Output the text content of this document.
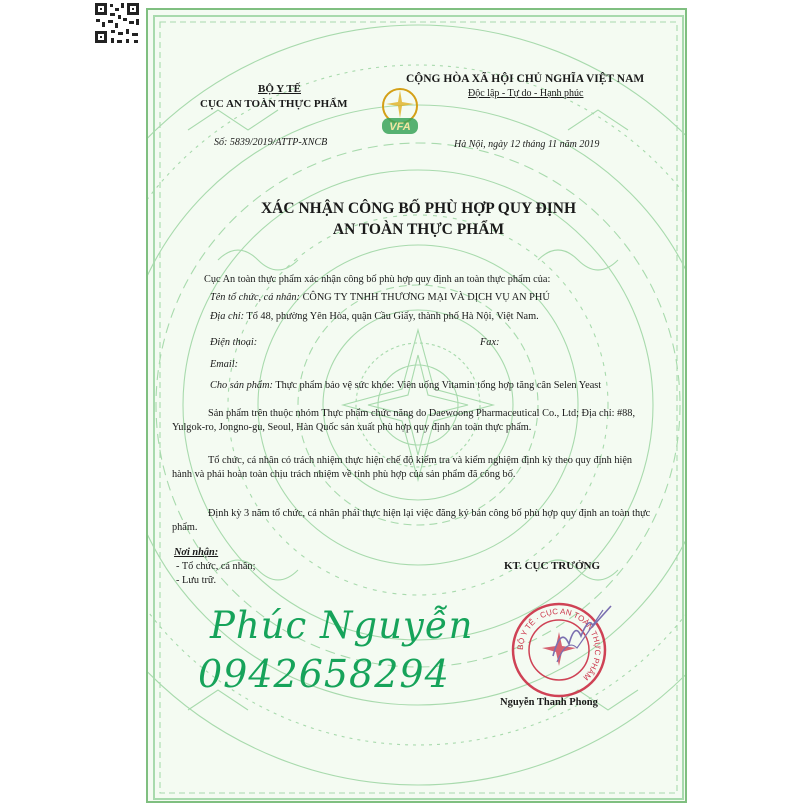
VFA
BỘ Y TẾ
CỤC AN TOÀN THỰC PHẨM
CỘNG HÒA XÃ HỘI CHỦ NGHĨA VIỆT NAM
Độc lập - Tự do - Hạnh phúc
Số: 5839/2019/ATTP-XNCB	Hà Nội, ngày 12 tháng 11 năm 2019
XÁC NHẬN CÔNG BỐ PHÙ HỢP QUY ĐỊNH
AN TOÀN THỰC PHẨM
Cục An toàn thực phẩm xác nhận công bố phù hợp quy định an toàn thực phẩm của:
Tên tổ chức, cá nhân: CÔNG TY TNHH THƯƠNG MẠI VÀ DỊCH VỤ AN PHÚ
Địa chỉ: Tổ 48, phường Yên Hòa, quận Cầu Giấy, thành phố Hà Nội, Việt Nam.
Điện thoại:	Fax:
Email:
Cho sản phẩm: Thực phẩm bảo vệ sức khỏe: Viên uống Vitamin tổng hợp tăng cân Selen Yeast
Sản phẩm trên thuộc nhóm Thực phẩm chức năng do Daewoong Pharmaceutical Co., Ltd; Địa chỉ: #88, Yulgok-ro, Jongno-gu, Seoul, Hàn Quốc sản xuất phù hợp quy định an toàn thực phẩm.
Tổ chức, cá nhân có trách nhiệm thực hiện chế độ kiểm tra và kiểm nghiệm định kỳ theo quy định hiện hành và phải hoàn toàn chịu trách nhiệm về tính phù hợp của sản phẩm đã công bố.
Định kỳ 3 năm tổ chức, cá nhân phải thực hiện lại việc đăng ký bản công bố phù hợp quy định an toàn thực phẩm.
Nơi nhận:
- Tổ chức, cá nhân;
- Lưu trữ.
KT. CỤC TRƯỞNG
Nguyễn Thanh Phong
BỘ Y TẾ · CỤC AN TOÀN THỰC PHẨM
Phúc Nguyễn
0942658294
